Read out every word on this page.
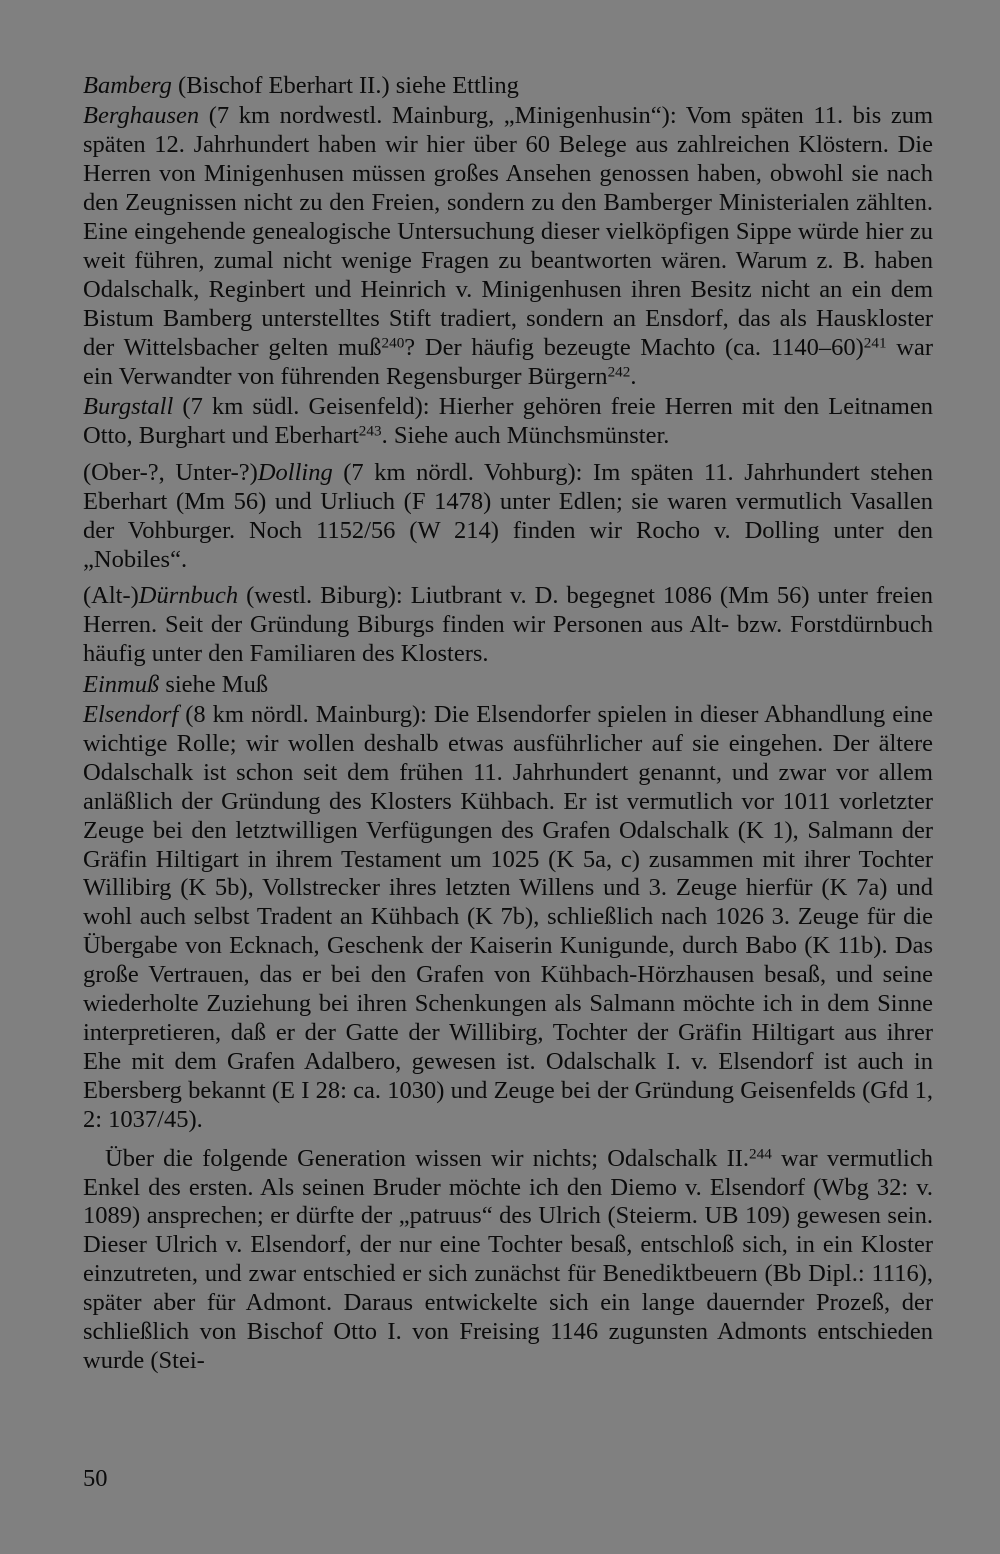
Bamberg (Bischof Eberhart II.) siehe Ettling

Berghausen (7 km nordwestl. Mainburg, „Minigenhusin“): Vom späten 11. bis zum späten 12. Jahrhundert haben wir hier über 60 Belege aus zahlreichen Klöstern. Die Herren von Minigenhusen müssen großes Ansehen genossen haben, obwohl sie nach den Zeugnissen nicht zu den Freien, sondern zu den Bamberger Ministerialen zählten. Eine eingehende genealogische Untersuchung dieser vielköpfigen Sippe würde hier zu weit führen, zumal nicht wenige Fragen zu beantworten wären. Warum z. B. haben Odalschalk, Reginbert und Heinrich v. Minigenhusen ihren Besitz nicht an ein dem Bistum Bamberg unterstelltes Stift tradiert, sondern an Ensdorf, das als Hauskloster der Wittelsbacher gelten muß$^{240}$? Der häufig bezeugte Machto (ca. 1140–60)$^{241}$ war ein Verwandter von führenden Regensburger Bürgern$^{242}$.

Burgstall (7 km südl. Geisenfeld): Hierher gehören freie Herren mit den Leitnamen Otto, Burghart und Eberhart$^{243}$. Siehe auch Münchsmünster.

(Ober-?, Unter-?)Dolling (7 km nördl. Vohburg): Im späten 11. Jahrhundert stehen Eberhart (Mm 56) und Urliuch (F 1478) unter Edlen; sie waren vermutlich Vasallen der Vohburger. Noch 1152/56 (W 214) finden wir Rocho v. Dolling unter den „Nobiles“.

(Alt-)Dürnbuch (westl. Biburg): Liutbrant v. D. begegnet 1086 (Mm 56) unter freien Herren. Seit der Gründung Biburgs finden wir Personen aus Alt- bzw. Forstdürnbuch häufig unter den Familiaren des Klosters.

Einmuß siehe Muß

Elsendorf (8 km nördl. Mainburg): Die Elsendorfer spielen in dieser Abhandlung eine wichtige Rolle; wir wollen deshalb etwas ausführlicher auf sie eingehen. Der ältere Odalschalk ist schon seit dem frühen 11. Jahrhundert genannt, und zwar vor allem anläßlich der Gründung des Klosters Kühbach. Er ist vermutlich vor 1011 vorletzter Zeuge bei den letztwilligen Verfügungen des Grafen Odalschalk (K 1), Salmann der Gräfin Hiltigart in ihrem Testament um 1025 (K 5a, c) zusammen mit ihrer Tochter Willibirg (K 5b), Vollstrecker ihres letzten Willens und 3. Zeuge hierfür (K 7a) und wohl auch selbst Tradent an Kühbach (K 7b), schließlich nach 1026 3. Zeuge für die Übergabe von Ecknach, Geschenk der Kaiserin Kunigunde, durch Babo (K 11b). Das große Vertrauen, das er bei den Grafen von Kühbach-Hörzhausen besaß, und seine wiederholte Zuziehung bei ihren Schenkungen als Salmann möchte ich in dem Sinne interpretieren, daß er der Gatte der Willibirg, Tochter der Gräfin Hiltigart aus ihrer Ehe mit dem Grafen Adalbero, gewesen ist. Odalschalk I. v. Elsendorf ist auch in Ebersberg bekannt (E I 28: ca. 1030) und Zeuge bei der Gründung Geisenfelds (Gfd 1, 2: 1037/45).

Über die folgende Generation wissen wir nichts; Odalschalk II.$^{244}$ war vermutlich Enkel des ersten. Als seinen Bruder möchte ich den Diemo v. Elsendorf (Wbg 32: v. 1089) ansprechen; er dürfte der „patruus“ des Ulrich (Steierm. UB 109) gewesen sein. Dieser Ulrich v. Elsendorf, der nur eine Tochter besaß, entschloß sich, in ein Kloster einzutreten, und zwar entschied er sich zunächst für Benediktbeuern (Bb Dipl.: 1116), später aber für Admont. Daraus entwickelte sich ein lange dauernder Prozeß, der schließlich von Bischof Otto I. von Freising 1146 zugunsten Admonts entschieden wurde (Stei-

50
